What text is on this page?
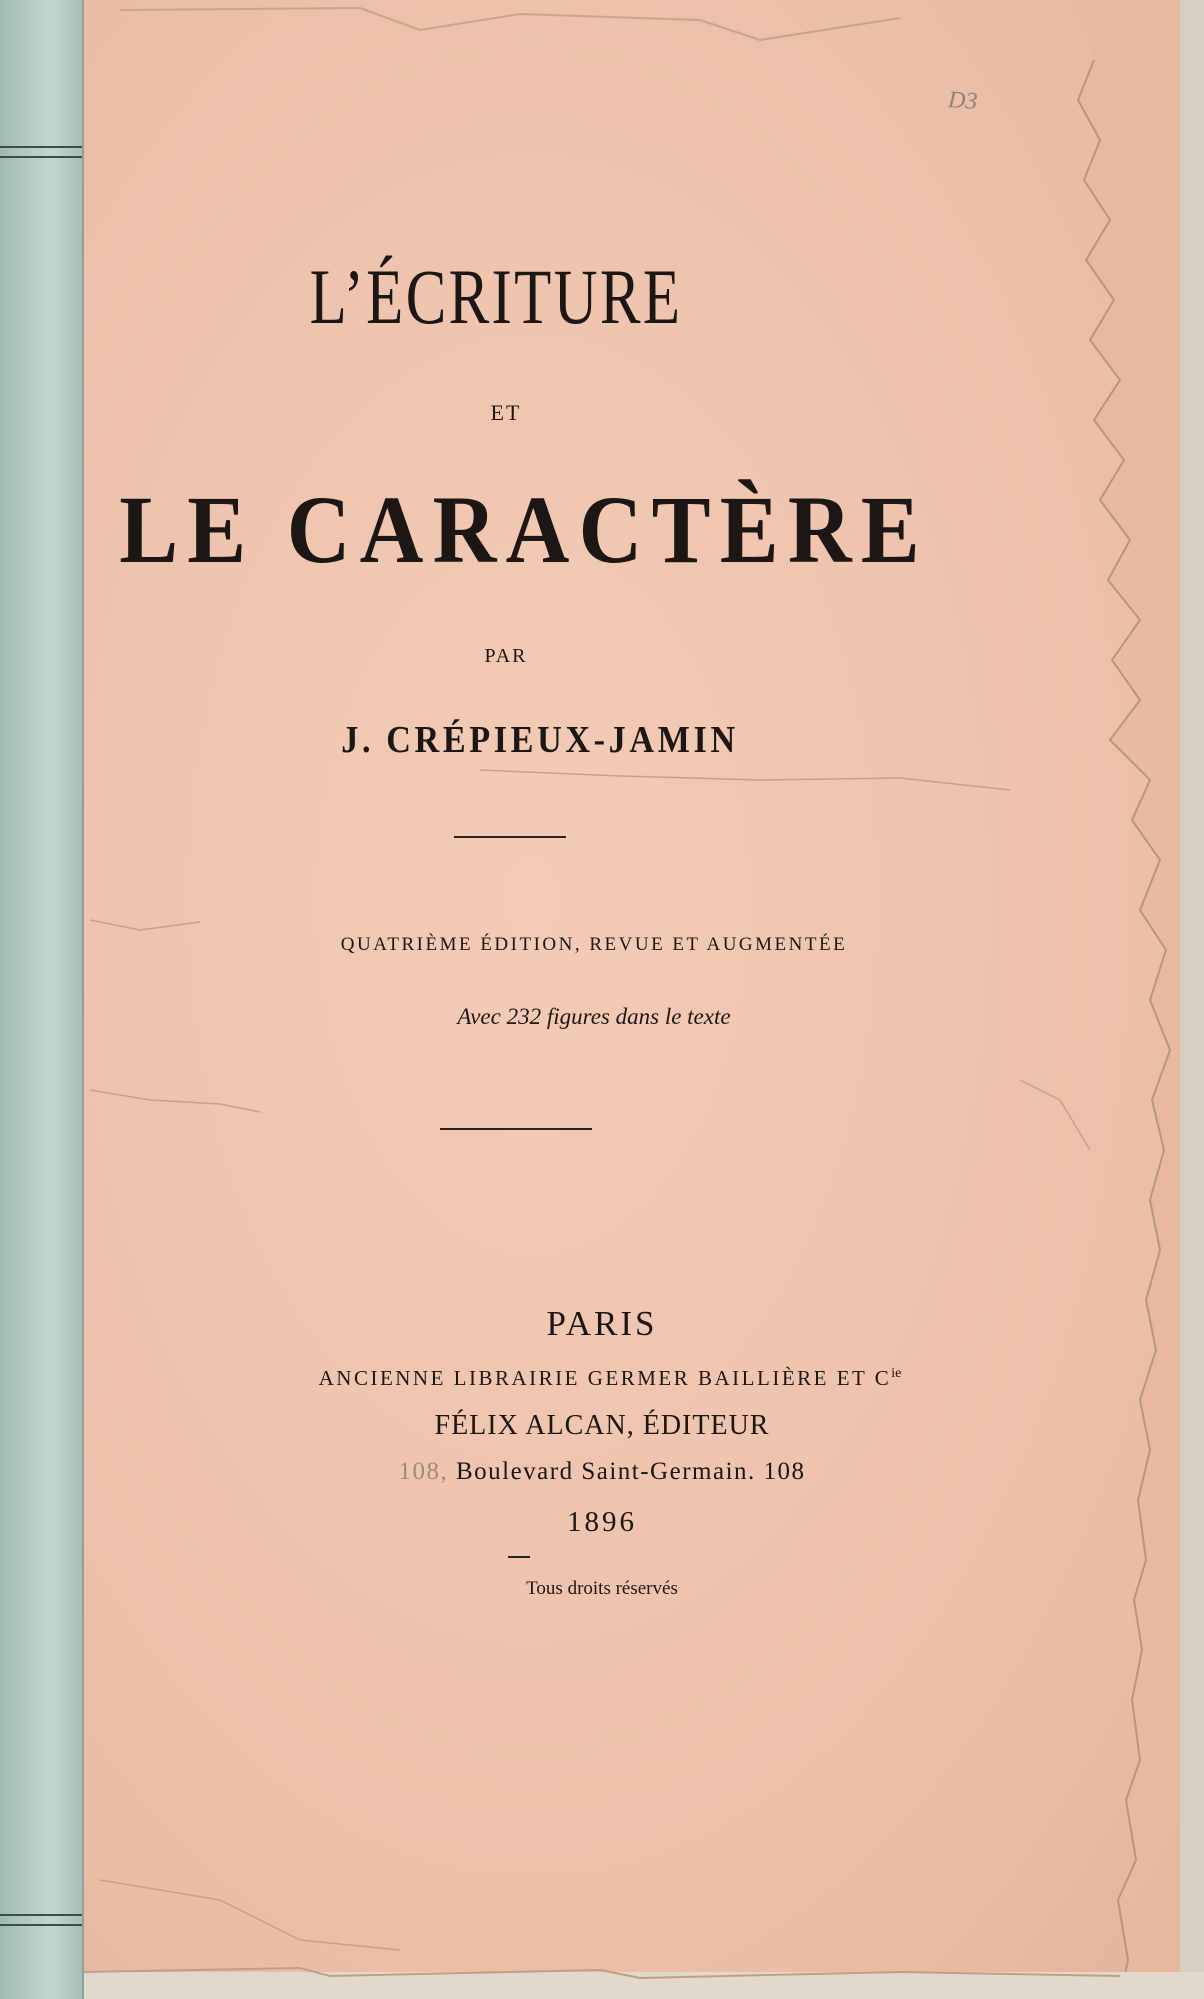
D3
L’ÉCRITURE
ET
LE CARACTÈRE
PAR
J. CRÉPIEUX-JAMIN
QUATRIÈME ÉDITION, REVUE ET AUGMENTÉE
Avec 232 figures dans le texte
PARIS
ANCIENNE LIBRAIRIE GERMER BAILLIÈRE ET $C^{ie}$
FÉLIX ALCAN, ÉDITEUR
108, Boulevard Saint-Germain. 108
1896
Tous droits réservés
